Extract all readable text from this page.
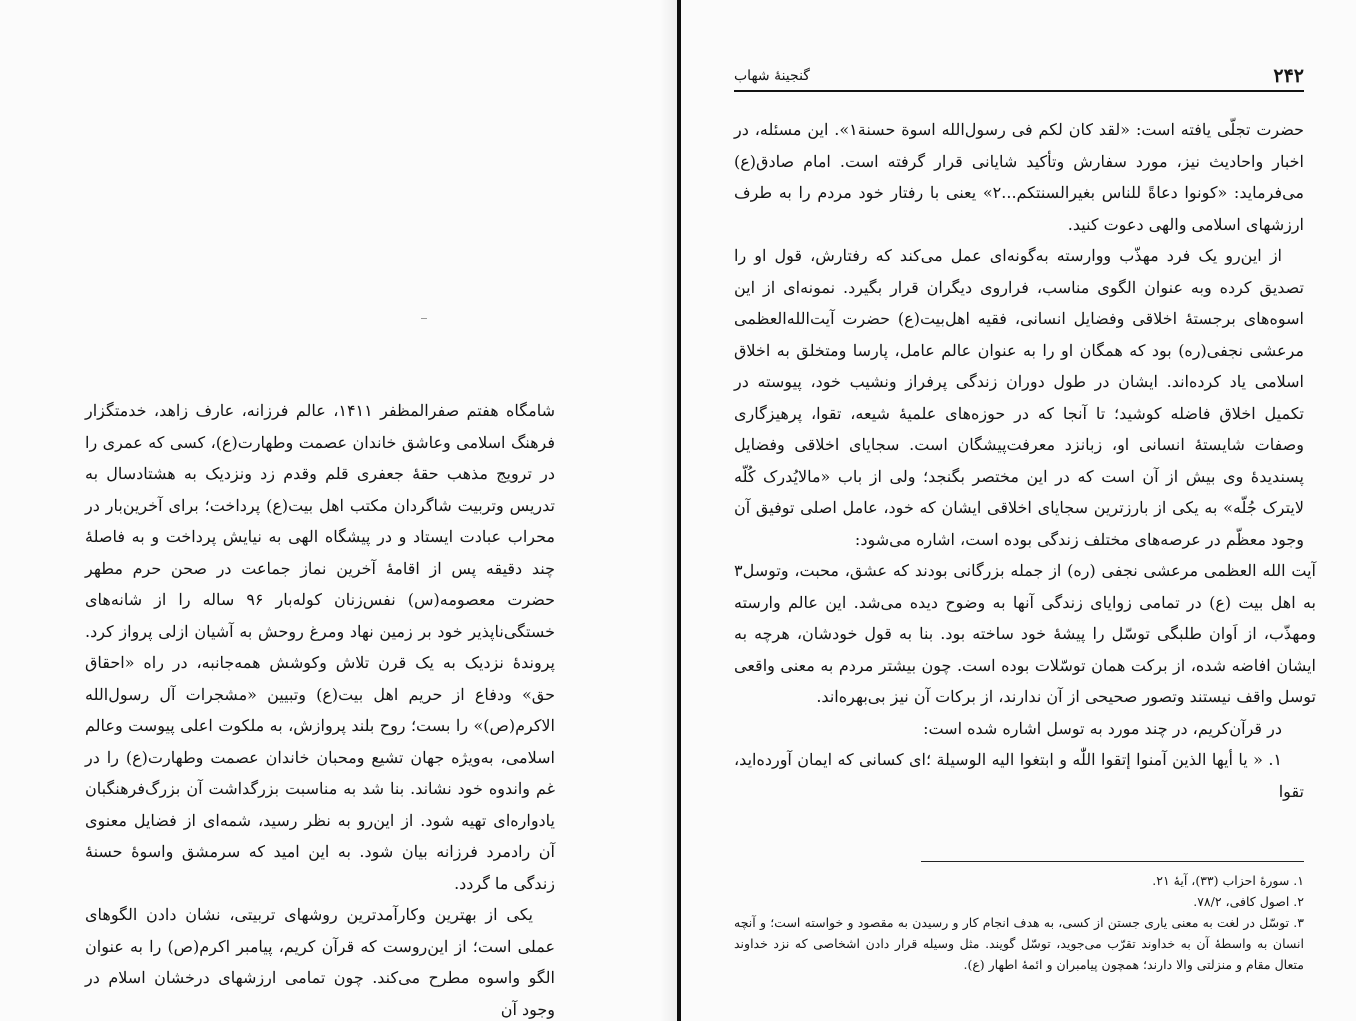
شامگاه هفتم صفرالمظفر ۱۴۱۱، عالم فرزانه، عارف زاهد، خدمتگزار فرهنگ اسلامی وعاشق خاندان عصمت وطهارت(ع)، کسی که عمری را در ترویج مذهب حقهٔ جعفری قلم وقدم زد ونزدیک به هشتادسال به تدریس وتربیت شاگردان مکتب اهل بیت(ع) پرداخت؛ برای آخرین‌بار در محراب عبادت ایستاد و در پیشگاه الهی به نیایش پرداخت و به فاصلهٔ چند دقیقه پس از اقامهٔ آخرین نماز جماعت در صحن حرم مطهر حضرت معصومه(س) نفس‌زنان کوله‌بار ۹۶ ساله را از شانه‌های خستگی‌ناپذیر خود بر زمین نهاد ومرغ روحش به آشیان ازلی پرواز کرد. پروندهٔ نزدیک به یک قرن تلاش وکوشش همه‌جانبه، در راه «احقاق حق» ودفاع از حریم اهل بیت(ع) وتبیین «مشجرات آل رسول‌الله الاکرم(ص)» را بست؛ روح بلند پروازش، به ملکوت اعلی پیوست وعالم اسلامی، به‌ویژه جهان تشیع ومحبان خاندان عصمت وطهارت(ع) را در غم واندوه خود نشاند. بنا شد به مناسبت بزرگداشت آن بزرگ‌فرهنگبان یادواره‌ای تهیه شود. از این‌رو به نظر رسید، شمه‌ای از فضایل معنوی آن رادمرد فرزانه بیان شود. به این امید که سرمشق واسوهٔ حسنهٔ زندگی ما گردد.

یکی از بهترین وکارآمدترین روشهای تربیتی، نشان دادن الگوهای عملی است؛ از این‌روست که قرآن کریم، پیامبر اکرم(ص) را به عنوان الگو واسوه مطرح می‌کند. چون تمامی ارزشهای درخشان اسلام در وجود آن

۲۴۲
گنجینهٔ شهاب

حضرت تجلّی یافته است: «لقد کان لکم فی رسول‌الله اسوة حسنة۱». این مسئله، در اخبار واحادیث نیز، مورد سفارش وتأکید شایانی قرار گرفته است. امام صادق(ع) می‌فرماید: «کونوا دعاةً للناس بغیرالسنتکم...۲» یعنی با رفتار خود مردم را به طرف ارزشهای اسلامی والهی دعوت کنید.

از این‌رو یک فرد مهذّب ووارسته به‌گونه‌ای عمل می‌کند که رفتارش، قول او را تصدیق کرده وبه عنوان الگوی مناسب، فراروی دیگران قرار بگیرد. نمونه‌ای از این اسوه‌های برجستهٔ اخلاقی وفضایل انسانی، فقیه اهل‌بیت(ع) حضرت آیت‌الله‌العظمی مرعشی نجفی(ره) بود که همگان او را به عنوان عالم عامل، پارسا ومتخلق به اخلاق اسلامی یاد کرده‌اند. ایشان در طول دوران زندگی پرفراز ونشیب خود، پیوسته در تکمیل اخلاق فاضله کوشید؛ تا آنجا که در حوزه‌های علمیهٔ شیعه، تقوا، پرهیزگاری وصفات شایستهٔ انسانی او، زبانزد معرفت‌پیشگان است. سجایای اخلاقی وفضایل پسندیدهٔ وی بیش از آن است که در این مختصر بگنجد؛ ولی از باب «مالایُدرک کُلّه لایترک جُلّه» به یکی از بارزترین سجایای اخلاقی ایشان که خود، عامل اصلی توفیق آن وجود معظّم در عرصه‌های مختلف زندگی بوده است، اشاره می‌شود:

آیت الله العظمی مرعشی نجفی (ره) از جمله بزرگانی بودند که عشق، محبت، وتوسل۳ به اهل بیت (ع) در تمامی زوایای زندگی آنها به وضوح دیده می‌شد. این عالم وارسته ومهذّب، از اَوان طلبگی توسّل را پیشهٔ خود ساخته بود. بنا به قول خودشان، هرچه به ایشان افاضه شده، از برکت همان توسّلات بوده است. چون بیشتر مردم به معنی واقعی توسل واقف نیستند وتصور صحیحی از آن ندارند، از برکات آن نیز بی‌بهره‌اند.

در قرآن‌کریم، در چند مورد به توسل اشاره شده است:

۱. « یا أیها الذین آمنوا إتقوا اللّٰه و ابتغوا الیه الوسیلة ؛ای کسانی که ایمان آورده‌اید، تقوا

۱. سورهٔ احزاب (۳۳)، آیهٔ ۲۱.

۲. اصول کافی، ۷۸/۲.

۳. توسّل در لغت به معنی یاری جستن از کسی، به هدف انجام کار و رسیدن به مقصود و خواسته است؛ و آنچه انسان به واسطهٔ آن به خداوند تقرّب می‌جوید، توسّل گویند. مثل وسیله قرار دادن اشخاصی که نزد خداوند متعال مقام و منزلتی والا دارند؛ همچون پیامبران و ائمهٔ اطهار (ع).
